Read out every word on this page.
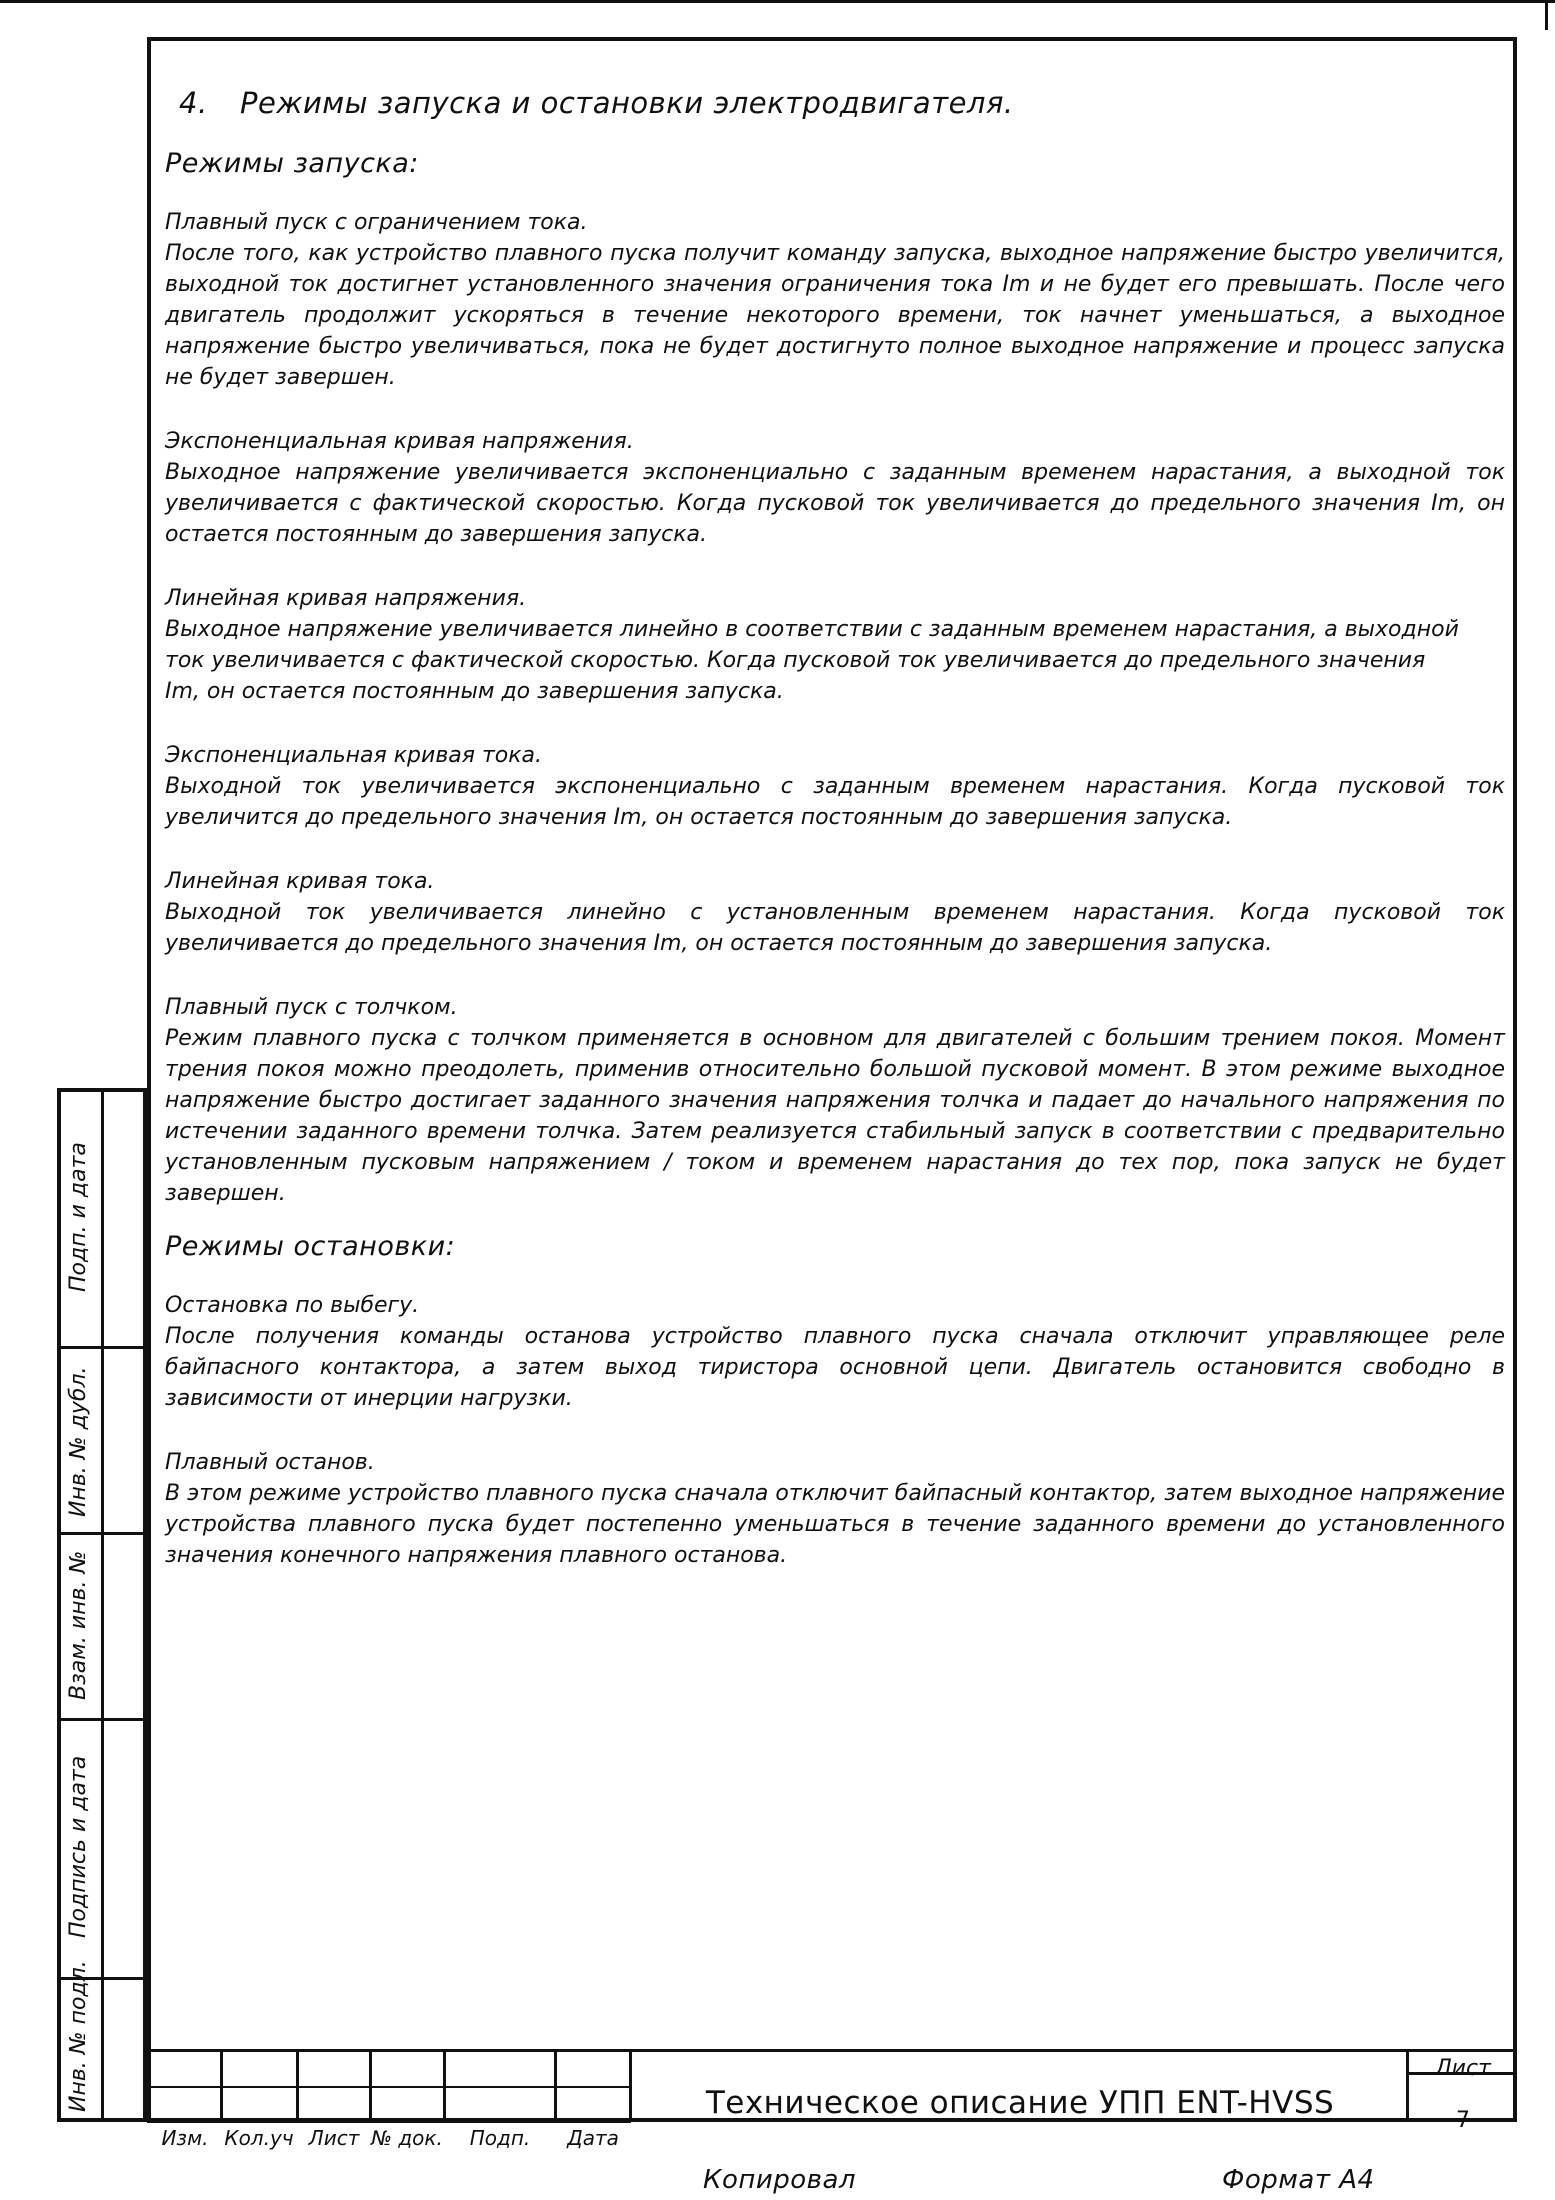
4. Режимы запуска и остановки электродвигателя.
Режимы запуска:
Плавный пуск с ограничением тока.
После того, как устройство плавного пуска получит команду запуска, выходное напряжение быстро увеличится, выходной ток достигнет установленного значения ограничения тока Im и не будет его превышать. После чего двигатель продолжит ускоряться в течение некоторого времени, ток начнет уменьшаться, а выходное напряжение быстро увеличиваться, пока не будет достигнуто полное выходное напряжение и процесс запуска не будет завершен.
Экспоненциальная кривая напряжения.
Выходное напряжение увеличивается экспоненциально с заданным временем нарастания, а выходной ток увеличивается с фактической скоростью. Когда пусковой ток увеличивается до предельного значения Im, он остается постоянным до завершения запуска.
Линейная кривая напряжения.
Выходное напряжение увеличивается линейно в соответствии с заданным временем нарастания, а выходной ток увеличивается с фактической скоростью. Когда пусковой ток увеличивается до предельного значения Im, он остается постоянным до завершения запуска.
Экспоненциальная кривая тока.
Выходной ток увеличивается экспоненциально с заданным временем нарастания. Когда пусковой ток увеличится до предельного значения Im, он остается постоянным до завершения запуска.
Линейная кривая тока.
Выходной ток увеличивается линейно с установленным временем нарастания. Когда пусковой ток увеличивается до предельного значения Im, он остается постоянным до завершения запуска.
Плавный пуск с толчком.
Режим плавного пуска с толчком применяется в основном для двигателей с большим трением покоя. Момент трения покоя можно преодолеть, применив относительно большой пусковой момент. В этом режиме выходное напряжение быстро достигает заданного значения напряжения толчка и падает до начального напряжения по истечении заданного времени толчка. Затем реализуется стабильный запуск в соответствии с предварительно установленным пусковым напряжением / током и временем нарастания до тех пор, пока запуск не будет завершен.
Режимы остановки:
Остановка по выбегу.
После получения команды останова устройство плавного пуска сначала отключит управляющее реле байпасного контактора, а затем выход тиристора основной цепи. Двигатель остановится свободно в зависимости от инерции нагрузки.
Плавный останов.
В этом режиме устройство плавного пуска сначала отключит байпасный контактор, затем выходное напряжение устройства плавного пуска будет постепенно уменьшаться в течение заданного времени до установленного значения конечного напряжения плавного останова.
Подп. и дата
Инв. № дубл.
Взам. инв. №
Подпись и дата
Инв. № подл.
Изм. Кол.уч Лист № док.	Подп.	Дата
Техническое описание УПП ENT-HVSS
Лист
7
Копировал	Формат А4
